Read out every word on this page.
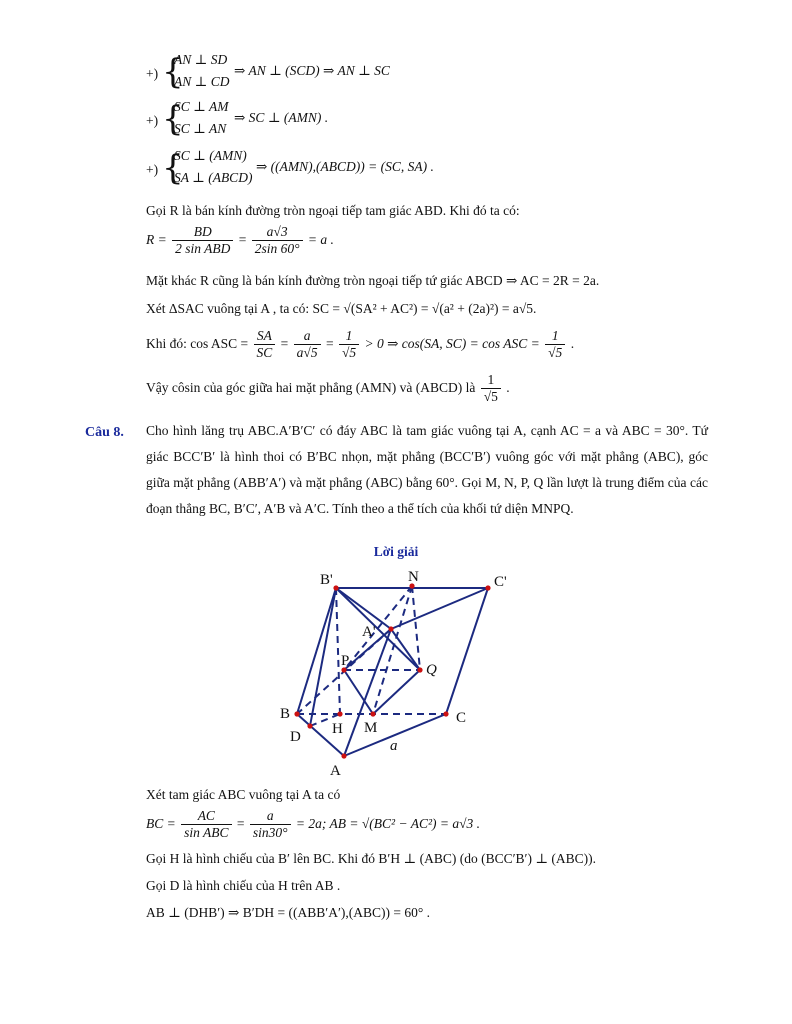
+) {
AN ⊥ SD
AN ⊥ CD
⇒ AN ⊥ (SCD) ⇒ AN ⊥ SC
+) {
SC ⊥ AM
SC ⊥ AN
⇒ SC ⊥ (AMN) .
+) {
SC ⊥ (AMN)
SA ⊥ (ABCD)
⇒ ((AMN),(ABCD)) = (SC, SA) .
Gọi R là bán kính đường tròn ngoại tiếp tam giác ABD. Khi đó ta có:
$R = \frac{BD}{\text{2 sin ABD}} = \frac{a√3}{2\sin 60^\circ} = a$ .
Mặt khác R cũng là bán kính đường tròn ngoại tiếp tứ giác ABCD ⇒ AC = 2R = 2a.
Xét ΔSAC vuông tại A , ta có: SC = √(SA² + AC²) = √(a² + (2a)²) = a√5.
Khi đó: cos ASC = $\frac{SA}{SC} = \frac{a}{a√5} = \frac{1}{√5} > 0$ ⇒ cos(SA, SC) = cos ASC = $\frac{1}{√5}$ .
Vậy côsin của góc giữa hai mặt phẳng (AMN) và (ABCD) là $\frac{1}{√5}$ .
Câu 8. Cho hình lăng trụ ABC.A′B′C′ có đáy ABC là tam giác vuông tại A, cạnh AC = a và ABC = 30°. Tứ giác BCC′B′ là hình thoi có B′BC nhọn, mặt phẳng (BCC′B′) vuông góc với mặt phẳng (ABC), góc giữa mặt phẳng (ABB′A′) và mặt phẳng (ABC) bằng 60°. Gọi M, N, P, Q lần lượt là trung điểm của các đoạn thẳng BC, B′C′, A′B và A′C. Tính theo a thể tích của khối tứ diện MNPQ.
Lời giải
B'	N	C'
A'
P
Q
B
H M
C
D
A
a
Xét tam giác ABC vuông tại A ta có
BC = $\frac{AC}{\text{sin ABC}} = \frac{a}{\sin 30^\circ} = 2a$; AB = √(BC² − AC²) = a√3 .
Gọi H là hình chiếu của B′ lên BC. Khi đó B′H ⊥ (ABC) (do (BCC′B′) ⊥ (ABC)).
Gọi D là hình chiếu của H trên AB .
AB ⊥ (DHB′) ⇒ B′DH = ((ABB′A′),(ABC)) = 60° .
